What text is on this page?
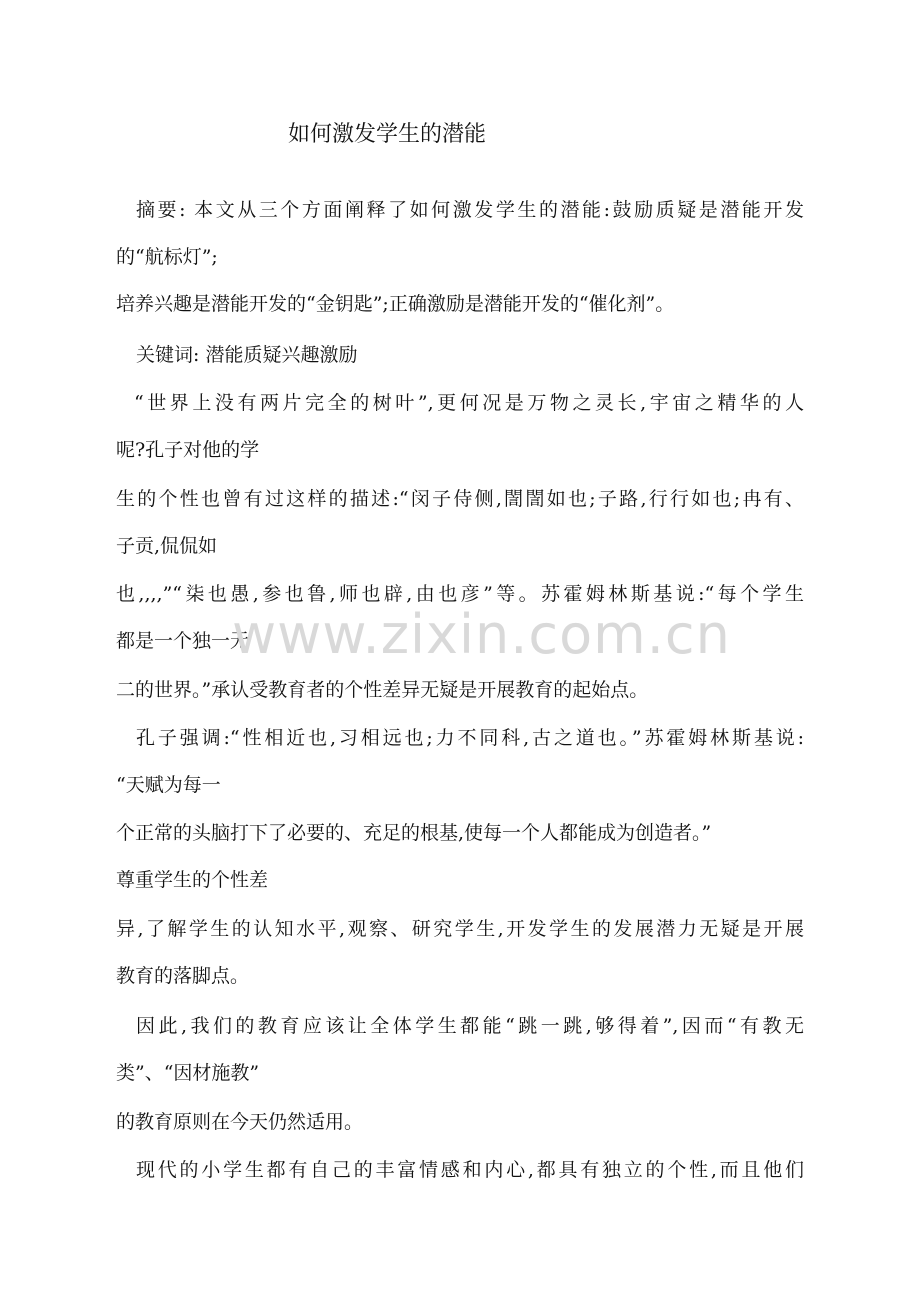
如何激发学生的潜能

摘要: 本文从三个方面阐释了如何激发学生的潜能:鼓励质疑是潜能开发

的“航标灯”;

培养兴趣是潜能开发的“金钥匙”;正确激励是潜能开发的“催化剂”。

关键词: 潜能质疑兴趣激励

“世界上没有两片完全的树叶”,更何况是万物之灵长,宇宙之精华的人

呢?孔子对他的学

生的个性也曾有过这样的描述:“闵子侍侧,誾誾如也;子路,行行如也;冉有、

子贡,侃侃如

也,,,,”“柒也愚,参也鲁,师也辟,由也彦”等。苏霍姆林斯基说:“每个学生

都是一个独一无

二的世界。”承认受教育者的个性差异无疑是开展教育的起始点。

孔子强调:“性相近也,习相远也;力不同科,古之道也。”苏霍姆林斯基说:

“天赋为每一

个正常的头脑打下了必要的、充足的根基,使每一个人都能成为创造者。”

尊重学生的个性差

异,了解学生的认知水平,观察、研究学生,开发学生的发展潜力无疑是开展

教育的落脚点。

因此,我们的教育应该让全体学生都能“跳一跳,够得着”,因而“有教无

类”、“因材施教”

的教育原则在今天仍然适用。

现代的小学生都有自己的丰富情感和内心,都具有独立的个性,而且他们

www.zixin.com.cn
